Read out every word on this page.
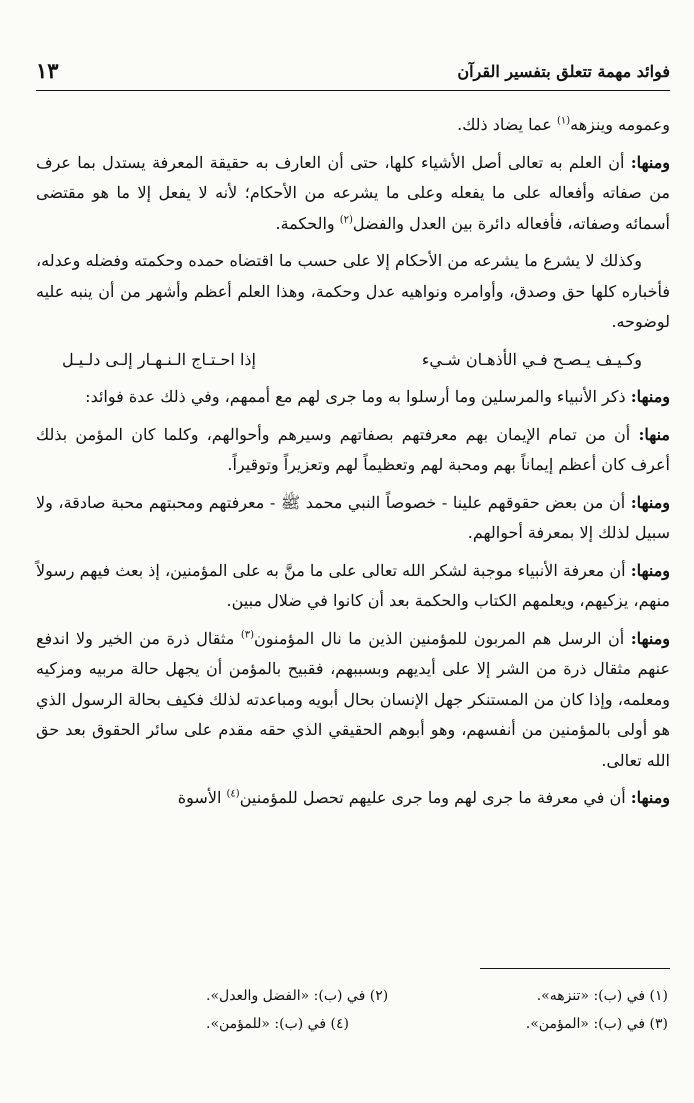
فوائد مهمة تتعلق بتفسير القرآن
١٣

وعمومه وينزهه$^{(١)}$ عما يضاد ذلك.

ومنها: أن العلم به تعالى أصل الأشياء كلها، حتى أن العارف به حقيقة المعرفة يستدل بما عرف من صفاته وأفعاله على ما يفعله وعلى ما يشرعه من الأحكام؛ لأنه لا يفعل إلا ما هو مقتضى أسمائه وصفاته، فأفعاله دائرة بين العدل والفضل$^{(٢)}$ والحكمة.

وكذلك لا يشرع ما يشرعه من الأحكام إلا على حسب ما اقتضاه حمده وحكمته وفضله وعدله، فأخباره كلها حق وصدق، وأوامره ونواهيه عدل وحكمة، وهذا العلم أعظم وأشهر من أن ينبه عليه لوضوحه.

وكـيـف يـصـح فـي الأذهـان شـيء
إذا احـتـاج الـنـهـار إلـى دلـيـل

ومنها: ذكر الأنبياء والمرسلين وما أرسلوا به وما جرى لهم مع أممهم، وفي ذلك عدة فوائد:

منها: أن من تمام الإيمان بهم معرفتهم بصفاتهم وسيرهم وأحوالهم، وكلما كان المؤمن بذلك أعرف كان أعظم إيماناً بهم ومحبة لهم وتعظيماً لهم وتعزيراً وتوقيراً.

ومنها: أن من بعض حقوقهم علينا - خصوصاً النبي محمد ﷺ - معرفتهم ومحبتهم محبة صادقة، ولا سبيل لذلك إلا بمعرفة أحوالهم.

ومنها: أن معرفة الأنبياء موجبة لشكر الله تعالى على ما منَّ به على المؤمنين، إذ بعث فيهم رسولاً منهم، يزكيهم، ويعلمهم الكتاب والحكمة بعد أن كانوا في ضلال مبين.

ومنها: أن الرسل هم المربون للمؤمنين الذين ما نال المؤمنون$^{(٣)}$ مثقال ذرة من الخير ولا اندفع عنهم مثقال ذرة من الشر إلا على أيديهم وبسببهم، فقبيح بالمؤمن أن يجهل حالة مربيه ومزكيه ومعلمه، وإذا كان من المستنكر جهل الإنسان بحال أبويه ومباعدته لذلك فكيف بحالة الرسول الذي هو أولى بالمؤمنين من أنفسهم، وهو أبوهم الحقيقي الذي حقه مقدم على سائر الحقوق بعد حق الله تعالى.

ومنها: أن في معرفة ما جرى لهم وما جرى عليهم تحصل للمؤمنين$^{(٤)}$ الأسوة

(١) في (ب): «تنزهه».
(٢) في (ب): «الفضل والعدل».
(٣) في (ب): «المؤمن».
(٤) في (ب): «للمؤمن».
